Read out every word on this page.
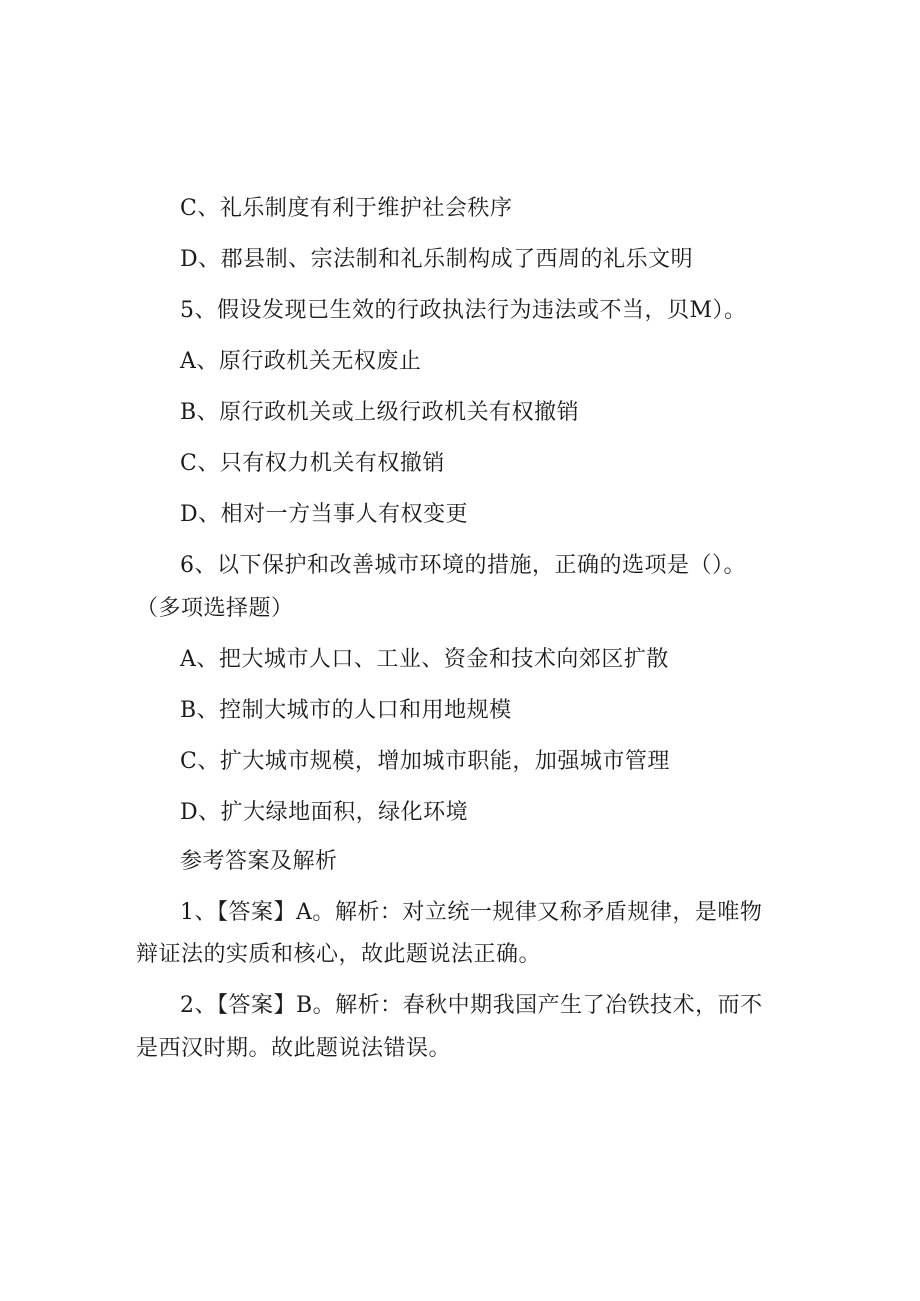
C、礼乐制度有利于维护社会秩序
D、郡县制、宗法制和礼乐制构成了西周的礼乐文明
5、假设发现已生效的行政执法行为违法或不当，贝M）。
A、原行政机关无权废止
B、原行政机关或上级行政机关有权撤销
C、只有权力机关有权撤销
D、相对一方当事人有权变更
6、以下保护和改善城市环境的措施，正确的选项是（）。
（多项选择题）
A、把大城市人口、工业、资金和技术向郊区扩散
B、控制大城市的人口和用地规模
C、扩大城市规模，增加城市职能，加强城市管理
D、扩大绿地面积，绿化环境
参考答案及解析
1、【答案】A。解析：对立统一规律又称矛盾规律，是唯物
辩证法的实质和核心，故此题说法正确。
2、【答案】B。解析：春秋中期我国产生了冶铁技术，而不
是西汉时期。故此题说法错误。
